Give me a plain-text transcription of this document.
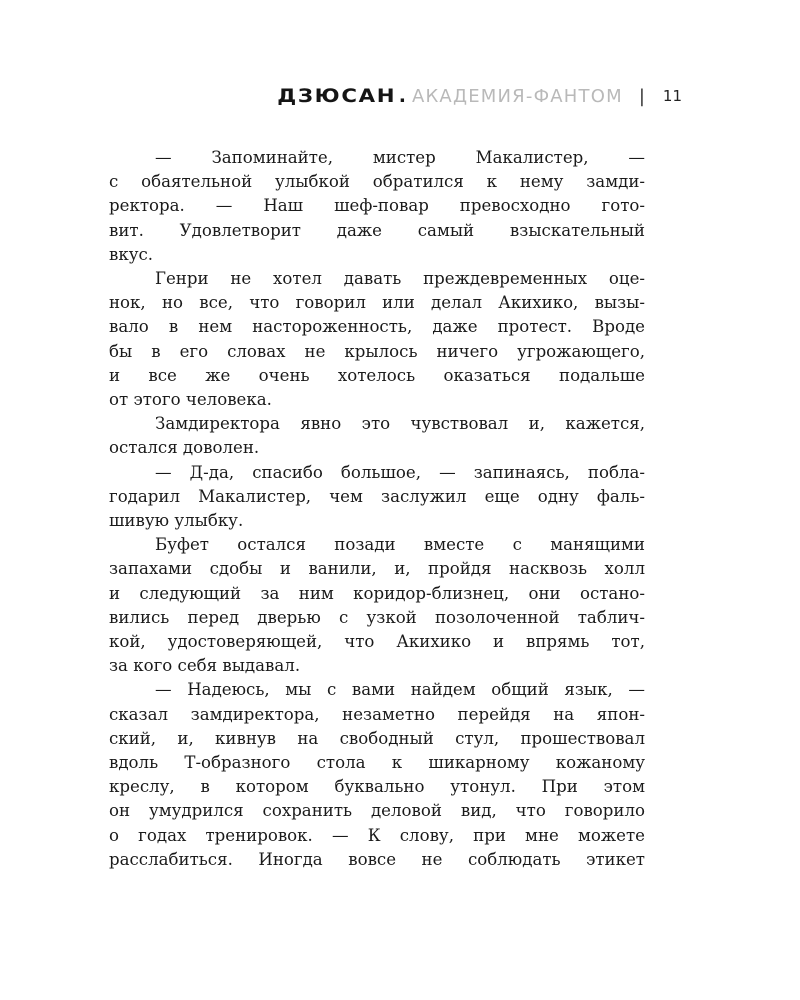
ДЗЮСАН . АКАДЕМИЯ-ФАНТОМ | 11
— Запоминайте, мистер Макалистер, —
с обаятельной улыбкой обратился к нему замди-
ректора. — Наш шеф-повар превосходно гото-
вит. Удовлетворит даже самый взыскательный
вкус.
Генри не хотел давать преждевременных оце-
нок, но все, что говорил или делал Акихико, вызы-
вало в нем настороженность, даже протест. Вроде
бы в его словах не крылось ничего угрожающего,
и все же очень хотелось оказаться подальше
от этого человека.
Замдиректора явно это чувствовал и, кажется,
остался доволен.
— Д-да, спасибо большое, — запинаясь, побла-
годарил Макалистер, чем заслужил еще одну фаль-
шивую улыбку.
Буфет остался позади вместе с манящими
запахами сдобы и ванили, и, пройдя насквозь холл
и следующий за ним коридор-близнец, они остано-
вились перед дверью с узкой позолоченной таблич-
кой, удостоверяющей, что Акихико и впрямь тот,
за кого себя выдавал.
— Надеюсь, мы с вами найдем общий язык, —
сказал замдиректора, незаметно перейдя на япон-
ский, и, кивнув на свободный стул, прошествовал
вдоль Т-образного стола к шикарному кожаному
креслу, в котором буквально утонул. При этом
он умудрился сохранить деловой вид, что говорило
о годах тренировок. — К слову, при мне можете
расслабиться. Иногда вовсе не соблюдать этикет
